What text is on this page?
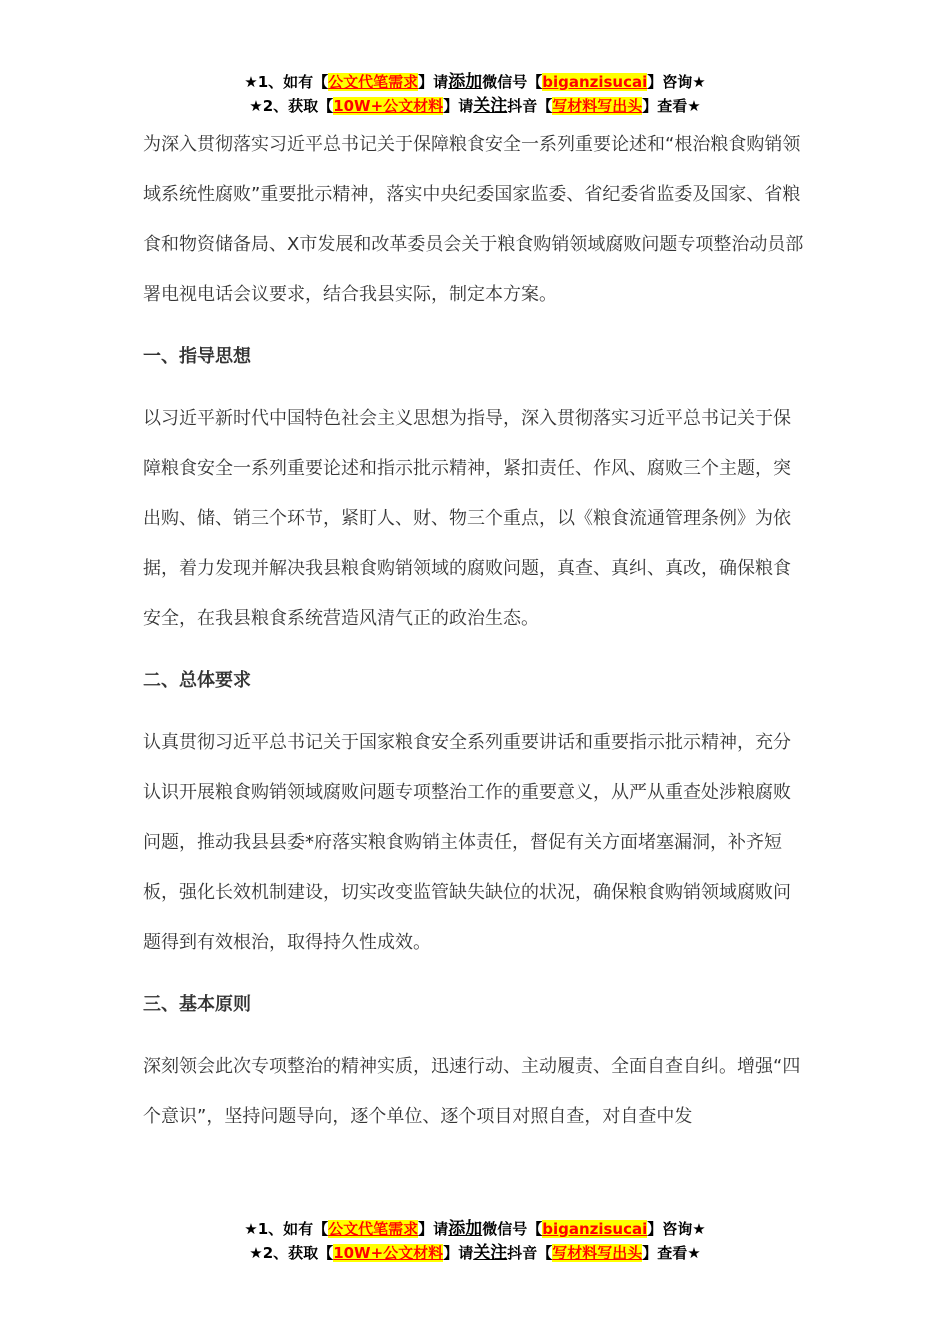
★1、如有【公文代笔需求】请添加微信号【biganzisucai】咨询★
★2、获取【10W+公文材料】请关注抖音【写材料写出头】查看★

为深入贯彻落实习近平总书记关于保障粮食安全一系列重要论述和“根治粮食购销领域系统性腐败”重要批示精神，落实中央纪委国家监委、省纪委省监委及国家、省粮食和物资储备局、X市发展和改革委员会关于粮食购销领域腐败问题专项整治动员部署电视电话会议要求，结合我县实际，制定本方案。

一、指导思想

以习近平新时代中国特色社会主义思想为指导，深入贯彻落实习近平总书记关于保障粮食安全一系列重要论述和指示批示精神，紧扣责任、作风、腐败三个主题，突出购、储、销三个环节，紧盯人、财、物三个重点，以《粮食流通管理条例》为依据，着力发现并解决我县粮食购销领域的腐败问题，真查、真纠、真改，确保粮食安全，在我县粮食系统营造风清气正的政治生态。

二、总体要求

认真贯彻习近平总书记关于国家粮食安全系列重要讲话和重要指示批示精神，充分认识开展粮食购销领域腐败问题专项整治工作的重要意义，从严从重查处涉粮腐败问题，推动我县县委*府落实粮食购销主体责任，督促有关方面堵塞漏洞，补齐短板，强化长效机制建设，切实改变监管缺失缺位的状况，确保粮食购销领域腐败问题得到有效根治，取得持久性成效。

三、基本原则

深刻领会此次专项整治的精神实质，迅速行动、主动履责、全面自查自纠。增强“四个意识”，坚持问题导向，逐个单位、逐个项目对照自查，对自查中发

★1、如有【公文代笔需求】请添加微信号【biganzisucai】咨询★
★2、获取【10W+公文材料】请关注抖音【写材料写出头】查看★
